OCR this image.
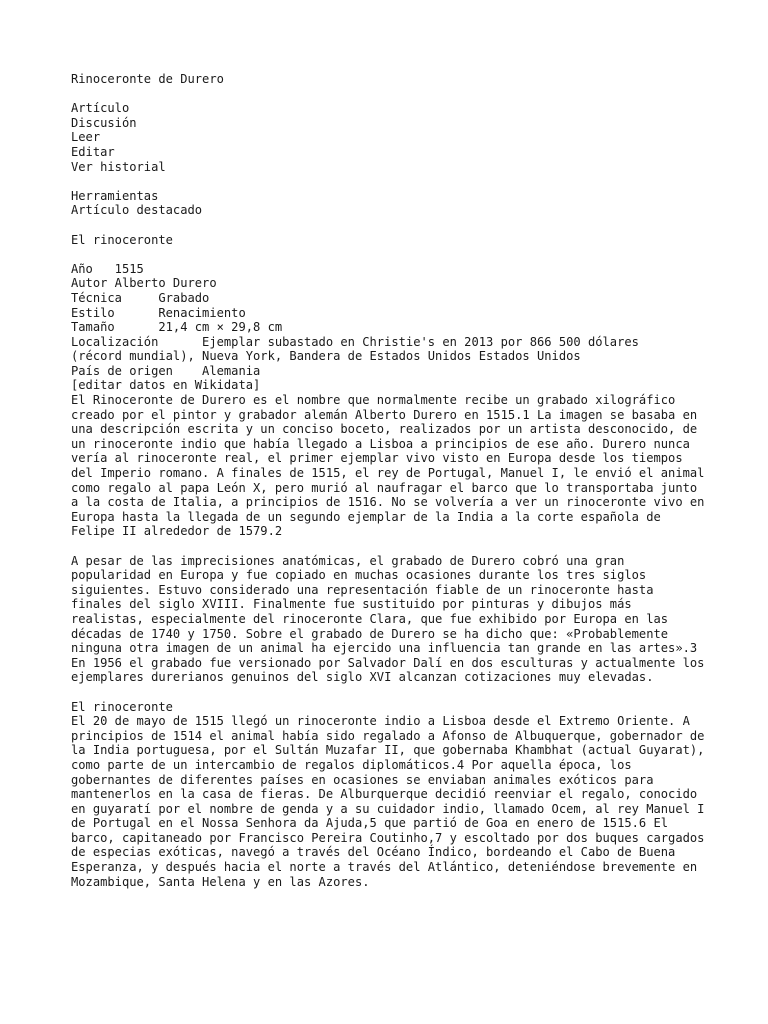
Rinoceronte de Durero
Artículo
Discusión
Leer
Editar
Ver historial
Herramientas
Artículo destacado
El rinoceronte
Año   1515
Autor Alberto Durero
Técnica     Grabado
Estilo      Renacimiento
Tamaño      21,4 cm × 29,8 cm
Localización      Ejemplar subastado en Christie's en 2013 por 866 500 dólares
(récord mundial), Nueva York, Bandera de Estados Unidos Estados Unidos
País de origen    Alemania
[editar datos en Wikidata]

El Rinoceronte de Durero es el nombre que normalmente recibe un grabado xilográfico creado por el pintor y grabador alemán Alberto Durero en 1515.1 La imagen se basaba en una descripción escrita y un conciso boceto, realizados por un artista desconocido, de un rinoceronte indio que había llegado a Lisboa a principios de ese año. Durero nunca vería al rinoceronte real, el primer ejemplar vivo visto en Europa desde los tiempos del Imperio romano. A finales de 1515, el rey de Portugal, Manuel I, le envió el animal como regalo al papa León X, pero murió al naufragar el barco que lo transportaba junto a la costa de Italia, a principios de 1516. No se volvería a ver un rinoceronte vivo en Europa hasta la llegada de un segundo ejemplar de la India a la corte española de Felipe II alrededor de 1579.2

A pesar de las imprecisiones anatómicas, el grabado de Durero cobró una gran popularidad en Europa y fue copiado en muchas ocasiones durante los tres siglos siguientes. Estuvo considerado una representación fiable de un rinoceronte hasta finales del siglo XVIII. Finalmente fue sustituido por pinturas y dibujos más realistas, especialmente del rinoceronte Clara, que fue exhibido por Europa en las décadas de 1740 y 1750. Sobre el grabado de Durero se ha dicho que: «Probablemente ninguna otra imagen de un animal ha ejercido una influencia tan grande en las artes».3 En 1956 el grabado fue versionado por Salvador Dalí en dos esculturas y actualmente los ejemplares durerianos genuinos del siglo XVI alcanzan cotizaciones muy elevadas.

El rinoceronte

El 20 de mayo de 1515 llegó un rinoceronte indio a Lisboa desde el Extremo Oriente. A principios de 1514 el animal había sido regalado a Afonso de Albuquerque, gobernador de la India portuguesa, por el Sultán Muzafar II, que gobernaba Khambhat (actual Guyarat), como parte de un intercambio de regalos diplomáticos.4 Por aquella época, los gobernantes de diferentes países en ocasiones se enviaban animales exóticos para mantenerlos en la casa de fieras. De Alburquerque decidió reenviar el regalo, conocido en guyaratí por el nombre de genda y a su cuidador indio, llamado Ocem, al rey Manuel I de Portugal en el Nossa Senhora da Ajuda,5 que partió de Goa en enero de 1515.6 El barco, capitaneado por Francisco Pereira Coutinho,7 y escoltado por dos buques cargados de especias exóticas, navegó a través del Océano Índico, bordeando el Cabo de Buena Esperanza, y después hacia el norte a través del Atlántico, deteniéndose brevemente en Mozambique, Santa Helena y en las Azores.
